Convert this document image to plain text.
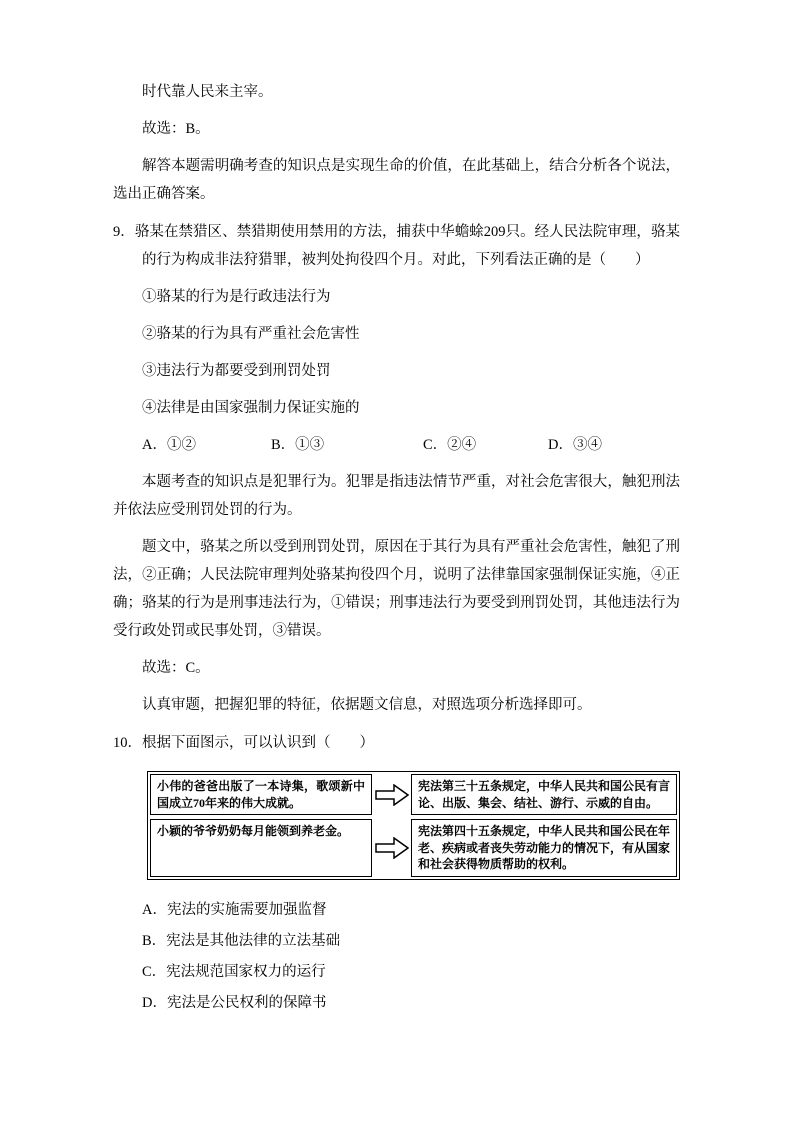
时代靠人民来主宰。

故选：B。

解答本题需明确考查的知识点是实现生命的价值，在此基础上，结合分析各个说法，选出正确答案。

9．骆某在禁猎区、禁猎期使用禁用的方法，捕获中华蟾蜍209只。经人民法院审理，骆某的行为构成非法狩猎罪，被判处拘役四个月。对此，下列看法正确的是（　　）

①骆某的行为是行政违法行为

②骆某的行为具有严重社会危害性

③违法行为都要受到刑罚处罚

④法律是由国家强制力保证实施的

A．①②	B．①③	C．②④	D．③④

本题考查的知识点是犯罪行为。犯罪是指违法情节严重，对社会危害很大，触犯刑法并依法应受刑罚处罚的行为。

题文中，骆某之所以受到刑罚处罚，原因在于其行为具有严重社会危害性，触犯了刑法，②正确；人民法院审理判处骆某拘役四个月，说明了法律靠国家强制保证实施，④正确；骆某的行为是刑事违法行为，①错误；刑事违法行为要受到刑罚处罚，其他违法行为受行政处罚或民事处罚，③错误。

故选：C。

认真审题，把握犯罪的特征，依据题文信息，对照选项分析选择即可。

10．根据下面图示，可以认识到（　　）

小伟的爸爸出版了一本诗集，歌颂新中国成立70年来的伟大成就。
宪法第三十五条规定，中华人民共和国公民有言论、出版、集会、结社、游行、示威的自由。
小颖的爷爷奶奶每月能领到养老金。	宪法第四十五条规定，中华人民共和国公民在年老、疾病或者丧失劳动能力的情况下，有从国家和社会获得物质帮助的权利。

A．宪法的实施需要加强监督

B．宪法是其他法律的立法基础

C．宪法规范国家权力的运行

D．宪法是公民权利的保障书
